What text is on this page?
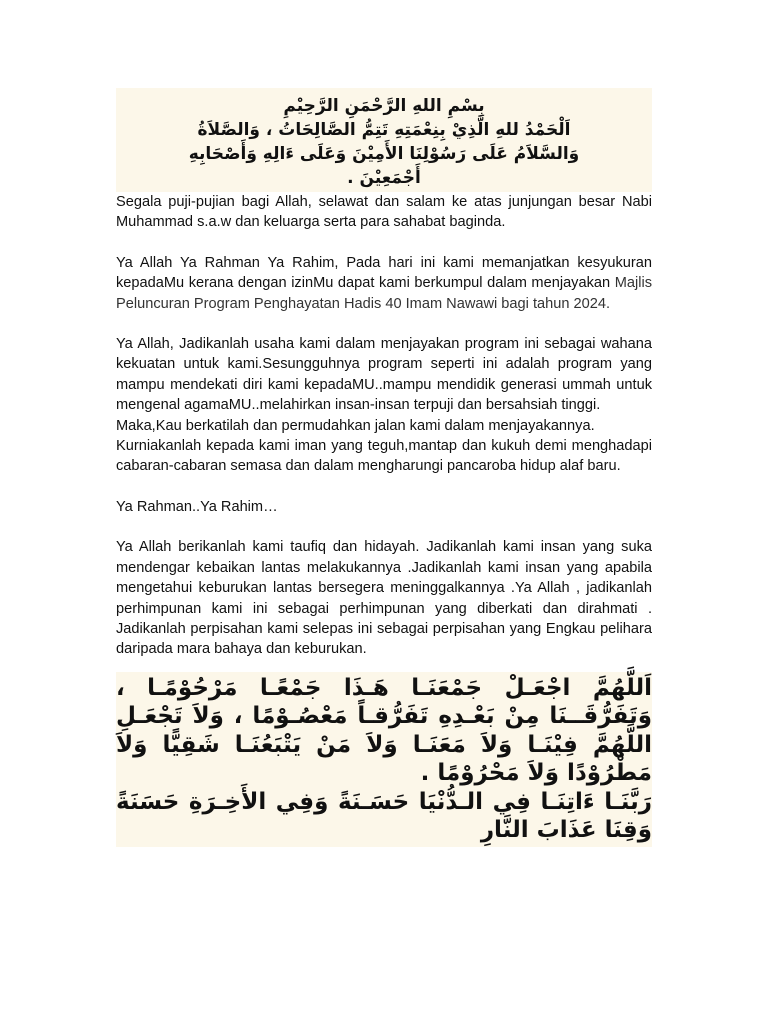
بِسْمِ اللهِ الرَّحْمَنِ الرَّحِيْمِ

اَلْحَمْدُ للهِ الَّذِيْ بِنِعْمَتِهِ تَتِمُّ الصَّالِحَاتُ ، وَالصَّلاَةُ

وَالسَّلاَمُ عَلَى رَسُوْلِنَا الأَمِيْنَ وَعَلَى ءَالِهِ وَأَصْحَابِهِ

أَجْمَعِيْنَ .

Segala puji-pujian bagi Allah, selawat dan salam ke atas junjungan besar Nabi Muhammad s.a.w dan keluarga serta para sahabat baginda.

Ya Allah Ya Rahman Ya Rahim, Pada hari ini kami memanjatkan kesyukuran kepadaMu kerana dengan izinMu dapat kami berkumpul dalam menjayakan Majlis Peluncuran Program Penghayatan Hadis 40 Imam Nawawi bagi tahun 2024.

Ya Allah, Jadikanlah usaha kami dalam menjayakan program ini sebagai wahana kekuatan untuk kami.Sesungguhnya program seperti ini adalah program yang mampu mendekati diri kami kepadaMU..mampu mendidik generasi ummah untuk mengenal agamaMU..melahirkan insan-insan terpuji dan bersahsiah tinggi.

Maka,Kau berkatilah dan permudahkan jalan kami dalam menjayakannya.

Kurniakanlah kepada kami iman yang teguh,mantap dan kukuh demi menghadapi cabaran-cabaran semasa dan dalam mengharungi pancaroba hidup alaf baru.

Ya Rahman..Ya Rahim…

Ya Allah berikanlah kami taufiq dan hidayah. Jadikanlah kami insan yang suka mendengar kebaikan lantas melakukannya .Jadikanlah kami insan yang apabila mengetahui keburukan lantas bersegera meninggalkannya .Ya Allah , jadikanlah perhimpunan kami ini sebagai perhimpunan yang diberkati dan dirahmati . Jadikanlah perpisahan kami selepas ini sebagai perpisahan yang Engkau pelihara daripada mara bahaya dan keburukan.

اَللَّهُمَّ اجْعَـلْ جَمْعَنَـا هَـذَا جَمْعًـا مَرْحُوْمًـا ، وَتَفَرُّقَــنَا مِنْ بَعْـدِهِ تَفَرُّقـاً مَعْصُـوْمًا ، وَلاَ تَجْعَـلِ اللَّهُمَّ فِيْنَـا وَلاَ مَعَنَـا وَلاَ مَنْ يَتْبَعُنَـا شَقِيًّا وَلاَ مَطْرُوْدًا وَلاَ مَحْرُوْمًا .

رَبَّنَـا ءَاتِنَـا فِي الـدُّنْيَا حَسَـنَةً وَفِي الأَخِـرَةِ حَسَنَةً وَقِنَا عَذَابَ النَّارِ
